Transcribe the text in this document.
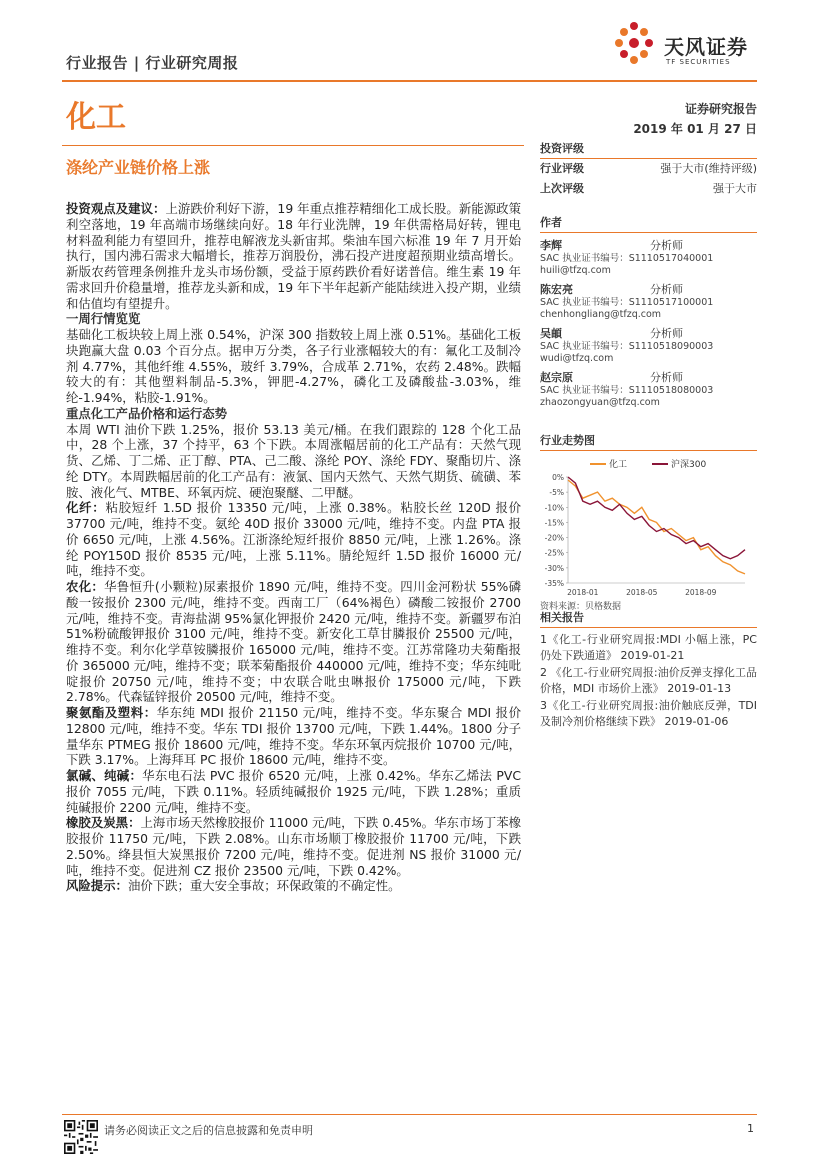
行业报告 | 行业研究周报
天风证券
TF SECURITIES
化工	证券研究报告
2019 年 01 月 27 日
涤纶产业链价格上涨

投资观点及建议：上游跌价利好下游，19 年重点推荐精细化工成长股。新能源政策利空落地，19 年高端市场继续向好。18 年行业洗牌，19 年供需格局好转，锂电材料盈利能力有望回升，推荐电解液龙头新宙邦。柴油车国六标准 19 年 7 月开始执行，国内沸石需求大幅增长，推荐万润股份，沸石投产进度超预期业绩高增长。新版农药管理条例推升龙头市场份额，受益于原药跌价看好诺普信。维生素 19 年需求回升价稳量增，推荐龙头新和成，19 年下半年起新产能陆续进入投产期，业绩和估值均有望提升。

一周行情览览

基础化工板块较上周上涨 0.54%，沪深 300 指数较上周上涨 0.51%。基础化工板块跑赢大盘 0.03 个百分点。据申万分类，各子行业涨幅较大的有：氟化工及制冷剂 4.77%，其他纤维 4.55%，玻纤 3.79%，合成革 2.71%，农药 2.48%。跌幅较大的有：其他塑料制品-5.3%，钾肥-4.27%，磷化工及磷酸盐-3.03%，维纶-1.94%，粘胶-1.91%。

重点化工产品价格和运行态势

本周 WTI 油价下跌 1.25%，报价 53.13 美元/桶。在我们跟踪的 128 个化工品中，28 个上涨，37 个持平，63 个下跌。本周涨幅居前的化工产品有：天然气现货、乙烯、丁二烯、正丁醇、PTA、己二酸、涤纶 POY、涤纶 FDY、聚酯切片、涤纶 DTY。本周跌幅居前的化工产品有：液氯、国内天然气、天然气期货、硫磺、苯胺、液化气、MTBE、环氧丙烷、硬泡聚醚、二甲醚。

化纤：粘胶短纤 1.5D 报价 13350 元/吨，上涨 0.38%。粘胶长丝 120D 报价 37700 元/吨，维持不变。氨纶 40D 报价 33000 元/吨，维持不变。内盘 PTA 报价 6650 元/吨，上涨 4.56%。江浙涤纶短纤报价 8850 元/吨，上涨 1.26%。涤纶 POY150D 报价 8535 元/吨，上涨 5.11%。腈纶短纤 1.5D 报价 16000 元/吨，维持不变。

农化：华鲁恒升(小颗粒)尿素报价 1890 元/吨，维持不变。四川金河粉状 55%磷酸一铵报价 2300 元/吨，维持不变。西南工厂（64%褐色）磷酸二铵报价 2700 元/吨，维持不变。青海盐湖 95%氯化钾报价 2420 元/吨，维持不变。新疆罗布泊 51%粉硫酸钾报价 3100 元/吨，维持不变。新安化工草甘膦报价 25500 元/吨，维持不变。利尔化学草铵膦报价 165000 元/吨，维持不变。江苏常隆功夫菊酯报价 365000 元/吨，维持不变；联苯菊酯报价 440000 元/吨，维持不变；华东纯吡啶报价 20750 元/吨，维持不变；中农联合吡虫啉报价 175000 元/吨，下跌 2.78%。代森锰锌报价 20500 元/吨，维持不变。

聚氨酯及塑料：华东纯 MDI 报价 21150 元/吨，维持不变。华东聚合 MDI 报价 12800 元/吨，维持不变。华东 TDI 报价 13700 元/吨，下跌 1.44%。1800 分子量华东 PTMEG 报价 18600 元/吨，维持不变。华东环氧丙烷报价 10700 元/吨，下跌 3.17%。上海拜耳 PC 报价 18600 元/吨，维持不变。

氯碱、纯碱：华东电石法 PVC 报价 6520 元/吨，上涨 0.42%。华东乙烯法 PVC 报价 7055 元/吨，下跌 0.11%。轻质纯碱报价 1925 元/吨，下跌 1.28%；重质纯碱报价 2200 元/吨，维持不变。

橡胶及炭黑：上海市场天然橡胶报价 11000 元/吨，下跌 0.45%。华东市场丁苯橡胶报价 11750 元/吨，下跌 2.08%。山东市场顺丁橡胶报价 11700 元/吨，下跌 2.50%。绛县恒大炭黑报价 7200 元/吨，维持不变。促进剂 NS 报价 31000 元/吨，维持不变。促进剂 CZ 报价 23500 元/吨，下跌 0.42%。

风险提示：油价下跌；重大安全事故；环保政策的不确定性。

投资评级
行业评级	强于大市(维持评级)
上次评级	强于大市
作者
李辉	分析师
SAC 执业证书编号：S1110517040001
huili@tfzq.com
陈宏亮	分析师
SAC 执业证书编号：S1110517100001
chenhongliang@tfzq.com
吴頔	分析师
SAC 执业证书编号：S1110518090003
wudi@tfzq.com
赵宗原	分析师
SAC 执业证书编号：S1110518080003
zhaozongyuan@tfzq.com
行业走势图
化工	沪深300
0%
-5%
-10%
-15%
-20%
-25%
-30%
-35%
2018-01	2018-05	2018-09
资料来源：贝格数据
相关报告
1《化工-行业研究周报:MDI 小幅上涨，PC 仍处下跌通道》 2019-01-21
2 《化工-行业研究周报:油价反弹支撑化工品价格，MDI 市场价上涨》 2019-01-13
3《化工-行业研究周报:油价触底反弹，TDI 及制冷剂价格继续下跌》 2019-01-06
请务必阅读正文之后的信息披露和免责申明	1
